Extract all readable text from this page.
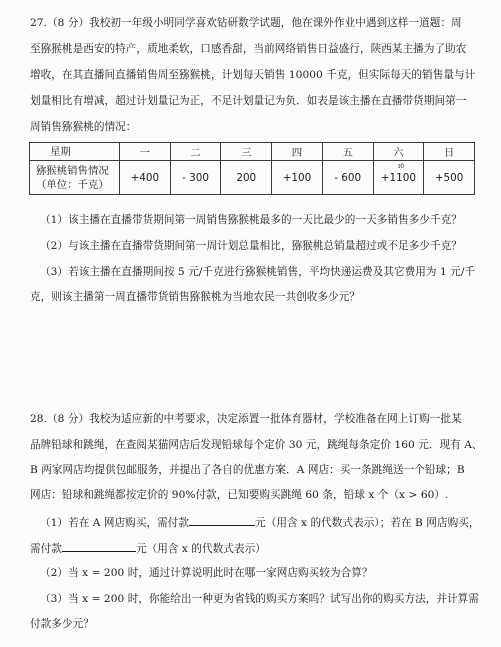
27.（8 分）我校初一年级小明同学喜欢钻研数学试题，他在课外作业中遇到这样一道题：周
至猕猴桃是西安的特产，质地柔软，口感香甜，当前网络销售日益盛行，陕西某主播为了助农
增收，在其直播间直播销售周至猕猴桃，计划每天销售 10000 千克，但实际每天的销售量与计
划量相比有增减，超过计划量记为正，不足计划量记为负．如表是该主播在直播带货期间第一
周销售猕猴桃的情况：
星期	一	二	三	四	五	六	日

猕猴桃销售情况
（单位：千克）	+400	- 300	200	+100	- 600	+1100	+500
ɪ0
（1）该主播在直播带货期间第一周销售猕猴桃最多的一天比最少的一天多销售多少千克？
（2）与该主播在直播带货期间第一周计划总量相比，猕猴桃总销量超过或不足多少千克？
（3）若该主播在直播期间按 5 元/千克进行猕猴桃销售，平均快递运费及其它费用为 1 元/千
克，则该主播第一周直播带货销售猕猴桃为当地农民一共创收多少元？
28.（8 分）我校为适应新的中考要求，决定添置一批体育器材，学校准备在网上订购一批某
品牌铅球和跳绳，在查阅某猫网店后发现铅球每个定价 30 元，跳绳每条定价 160 元．现有 A、
B 两家网店均提供包邮服务，并提出了各自的优惠方案．A 网店：买一条跳绳送一个铅球；B
网店：铅球和跳绳都按定价的 90%付款，已知要购买跳绳 60 条，铅球 x 个（x > 60）.
（1）若在 A 网店购买，需付款	元（用含 x 的代数式表示）；若在 B 网店购买，
需付款	元（用含 x 的代数式表示）
（2）当 x = 200 时，通过计算说明此时在哪一家网店购买较为合算？
（3）当 x = 200 时，你能给出一种更为省钱的购买方案吗？试写出你的购买方法，并计算需
付款多少元？
